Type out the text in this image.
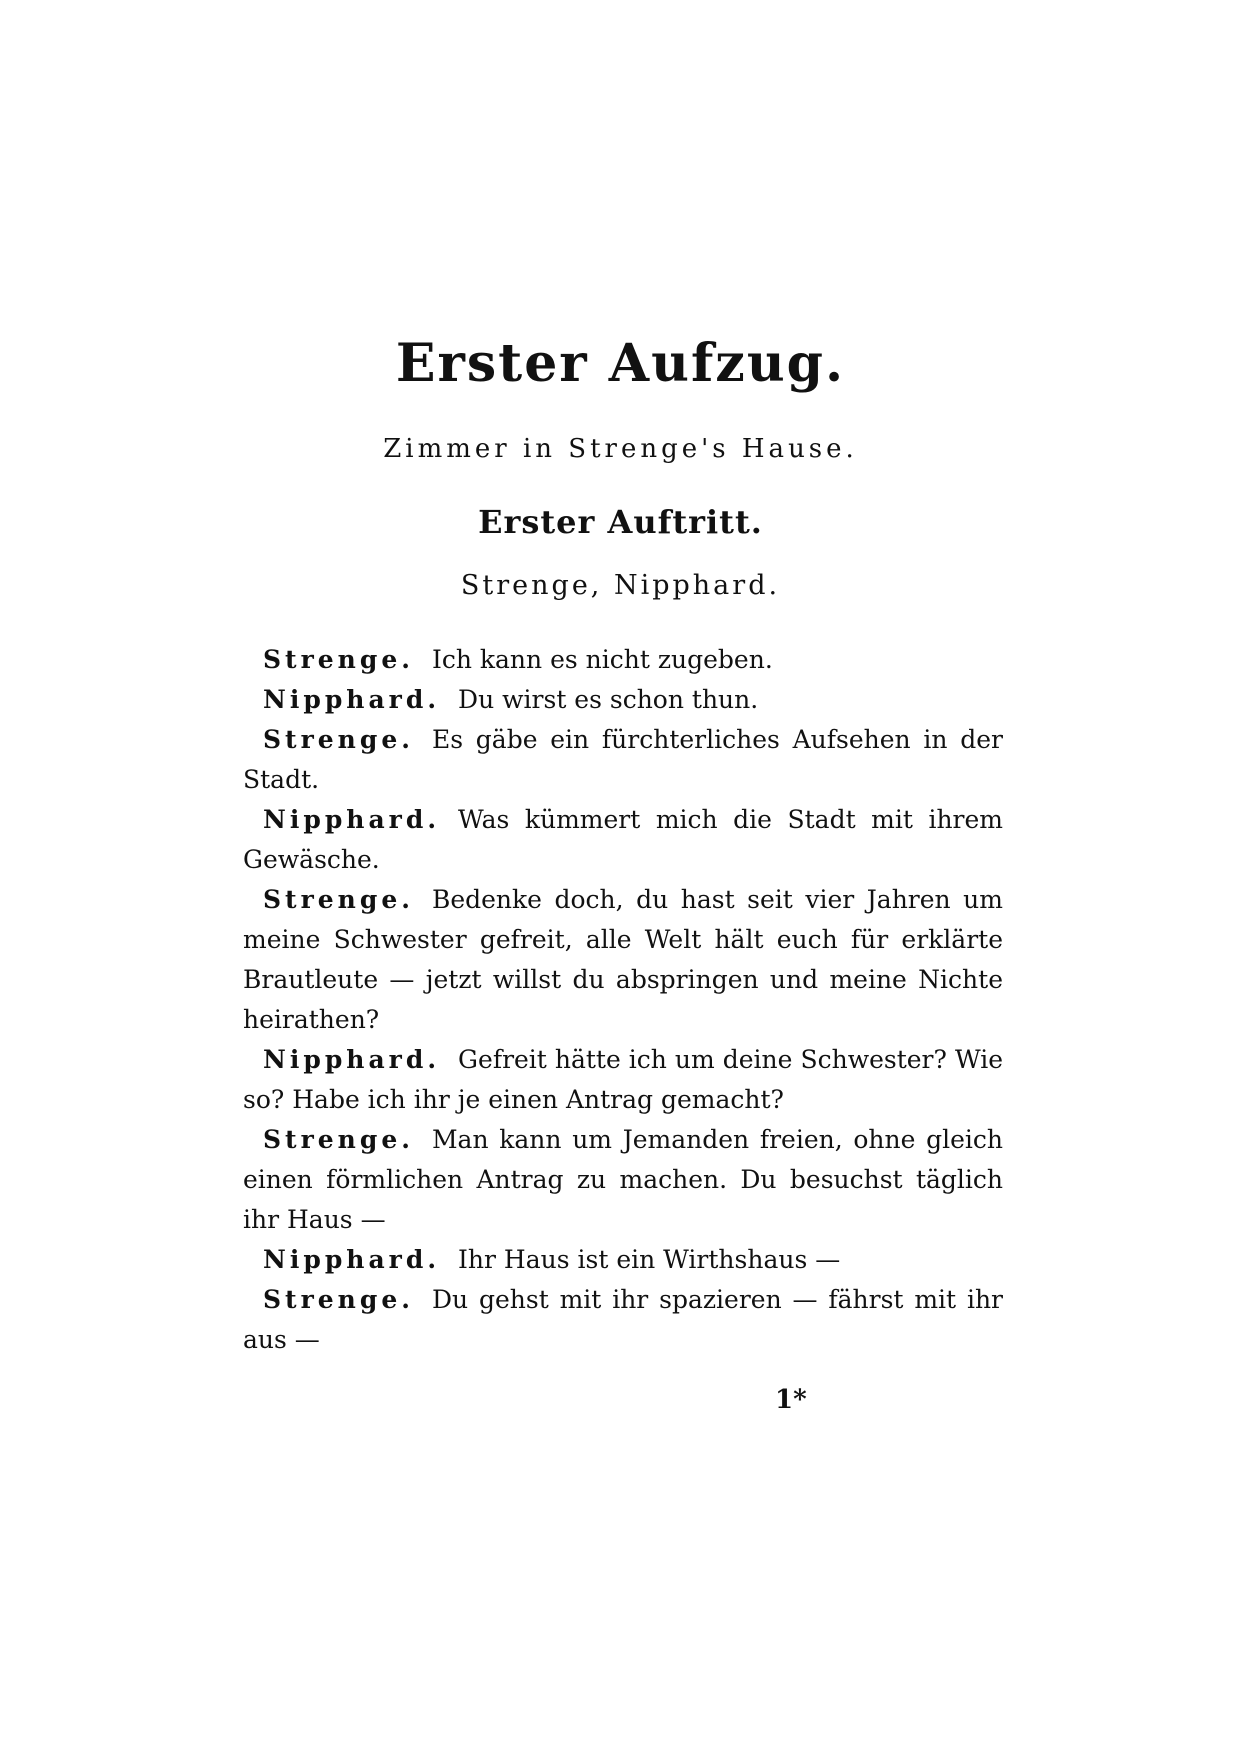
Erster Aufzug.
Zimmer in Strenge's Hause.
Erster Auftritt.
Strenge, Nipphard.

Strenge. Ich kann es nicht zugeben.

Nipphard. Du wirst es schon thun.

Strenge. Es gäbe ein fürchterliches Aufsehen in der Stadt.

Nipphard. Was kümmert mich die Stadt mit ihrem Gewäsche.

Strenge. Bedenke doch, du hast seit vier Jahren um meine Schwester gefreit, alle Welt hält euch für erklärte Brautleute — jetzt willst du abspringen und meine Nichte heirathen?

Nipphard. Gefreit hätte ich um deine Schwester? Wie so? Habe ich ihr je einen Antrag gemacht?

Strenge. Man kann um Jemanden freien, ohne gleich einen förmlichen Antrag zu machen. Du besuchst täglich ihr Haus —

Nipphard. Ihr Haus ist ein Wirthshaus —

Strenge. Du gehst mit ihr spazieren — fährst mit ihr aus —

1*
